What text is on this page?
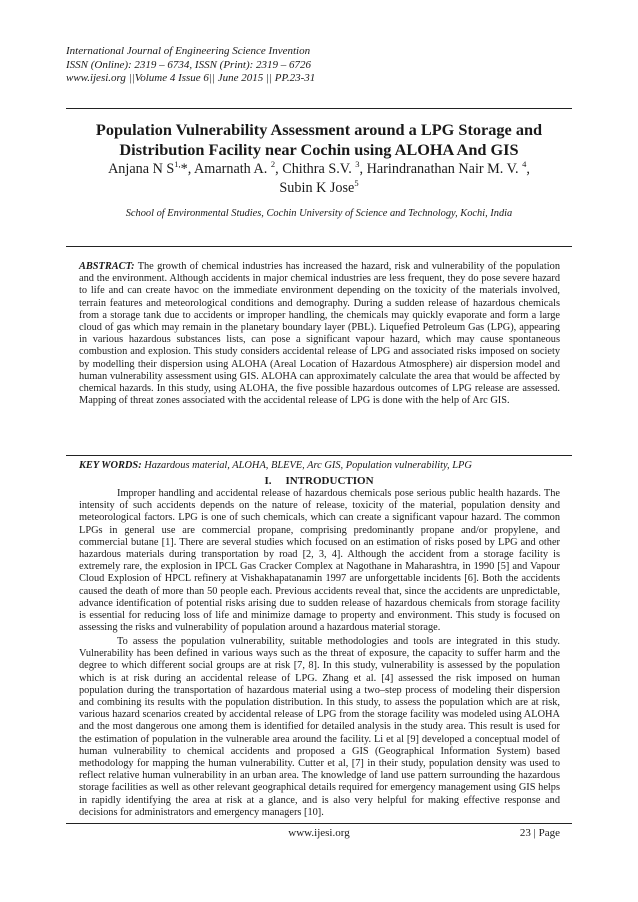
International Journal of Engineering Science Invention
ISSN (Online): 2319 – 6734, ISSN (Print): 2319 – 6726
www.ijesi.org ||Volume 4 Issue 6|| June 2015 || PP.23-31
Population Vulnerability Assessment around a LPG Storage and Distribution Facility near Cochin using ALOHA And GIS
Anjana N $S^{1,}*$, Amarnath A. $^2$, Chithra S.V. $^3$, Harindranathan Nair M. V. $^4$,
Subin K Jose$^5$
School of Environmental Studies, Cochin University of Science and Technology, Kochi, India
ABSTRACT: The growth of chemical industries has increased the hazard, risk and vulnerability of the population and the environment. Although accidents in major chemical industries are less frequent, they do pose severe hazard to life and can create havoc on the immediate environment depending on the toxicity of the materials involved, terrain features and meteorological conditions and demography. During a sudden release of hazardous chemicals from a storage tank due to accidents or improper handling, the chemicals may quickly evaporate and form a large cloud of gas which may remain in the planetary boundary layer (PBL). Liquefied Petroleum Gas (LPG), appearing in various hazardous substances lists, can pose a significant vapour hazard, which may cause spontaneous combustion and explosion. This study considers accidental release of LPG and associated risks imposed on society by modelling their dispersion using ALOHA (Areal Location of Hazardous Atmosphere) air dispersion model and human vulnerability assessment using GIS. ALOHA can approximately calculate the area that would be affected by chemical hazards. In this study, using ALOHA, the five possible hazardous outcomes of LPG release are assessed. Mapping of threat zones associated with the accidental release of LPG is done with the help of Arc GIS.
KEY WORDS: Hazardous material, ALOHA, BLEVE, Arc GIS, Population vulnerability, LPG
I. INTRODUCTION

Improper handling and accidental release of hazardous chemicals pose serious public health hazards. The intensity of such accidents depends on the nature of release, toxicity of the material, population density and meteorological factors. LPG is one of such chemicals, which can create a significant vapour hazard. The common LPGs in general use are commercial propane, comprising predominantly propane and/or propylene, and commercial butane [1]. There are several studies which focused on an estimation of risks posed by LPG and other hazardous materials during transportation by road [2, 3, 4]. Although the accident from a storage facility is extremely rare, the explosion in IPCL Gas Cracker Complex at Nagothane in Maharashtra, in 1990 [5] and Vapour Cloud Explosion of HPCL refinery at Vishakhapatanamin 1997 are unforgettable incidents [6]. Both the accidents caused the death of more than 50 people each. Previous accidents reveal that, since the accidents are unpredictable, advance identification of potential risks arising due to sudden release of hazardous chemicals from storage facility is essential for reducing loss of life and minimize damage to property and environment. This study is focused on assessing the risks and vulnerability of population around a hazardous material storage.

To assess the population vulnerability, suitable methodologies and tools are integrated in this study. Vulnerability has been defined in various ways such as the threat of exposure, the capacity to suffer harm and the degree to which different social groups are at risk [7, 8]. In this study, vulnerability is assessed by the population which is at risk during an accidental release of LPG. Zhang et al. [4] assessed the risk imposed on human population during the transportation of hazardous material using a two–step process of modeling their dispersion and combining its results with the population distribution. In this study, to assess the population which are at risk, various hazard scenarios created by accidental release of LPG from the storage facility was modeled using ALOHA and the most dangerous one among them is identified for detailed analysis in the study area. This result is used for the estimation of population in the vulnerable area around the facility. Li et al [9] developed a conceptual model of human vulnerability to chemical accidents and proposed a GIS (Geographical Information System) based methodology for mapping the human vulnerability. Cutter et al, [7] in their study, population density was used to reflect relative human vulnerability in an urban area. The knowledge of land use pattern surrounding the hazardous storage facilities as well as other relevant geographical details required for emergency management using GIS helps in rapidly identifying the area at risk at a glance, and is also very helpful for making effective response and decisions for administrators and emergency managers [10].

www.ijesi.org	23 | Page
